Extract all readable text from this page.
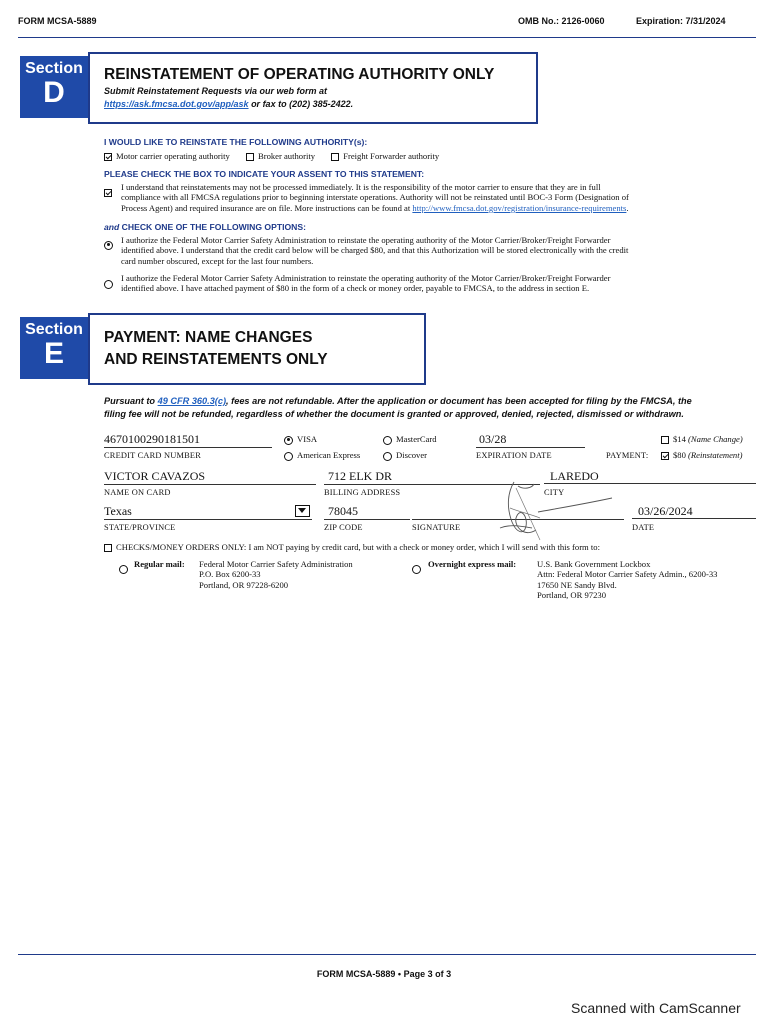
FORM MCSA-5889	OMB No.: 2126-0060	Expiration: 7/31/2024
Section
D
REINSTATEMENT OF OPERATING AUTHORITY ONLY
Submit Reinstatement Requests via our web form at
https://ask.fmcsa.dot.gov/app/ask or fax to (202) 385-2422.
I WOULD LIKE TO REINSTATE THE FOLLOWING AUTHORITY(s):
Motor carrier operating authority	Broker authority	Freight Forwarder authority
PLEASE CHECK THE BOX TO INDICATE YOUR ASSENT TO THIS STATEMENT:
I understand that reinstatements may not be processed immediately. It is the responsibility of the motor carrier to ensure that they are in full
compliance with all FMCSA regulations prior to beginning interstate operations. Authority will not be reinstated until BOC-3 Form (Designation of
Process Agent) and required insurance are on file. More instructions can be found at http://www.fmcsa.dot.gov/registration/insurance-requirements.
and CHECK ONE OF THE FOLLOWING OPTIONS:
I authorize the Federal Motor Carrier Safety Administration to reinstate the operating authority of the Motor Carrier/Broker/Freight Forwarder
identified above. I understand that the credit card below will be charged $80, and that this Authorization will be stored electronically with the credit
card number obscured, except for the last four numbers.
I authorize the Federal Motor Carrier Safety Administration to reinstate the operating authority of the Motor Carrier/Broker/Freight Forwarder
identified above. I have attached payment of $80 in the form of a check or money order, payable to FMCSA, to the address in section E.
Section
E	PAYMENT: NAME CHANGES
AND REINSTATEMENTS ONLY
Pursuant to 49 CFR 360.3(c), fees are not refundable. After the application or document has been accepted for filing by the FMCSA, the
filing fee will not be refunded, regardless of whether the document is granted or approved, denied, rejected, dismissed or withdrawn.
4670100290181501
CREDIT CARD NUMBER
VISA	MasterCard
American Express	Discover
03/28
EXPIRATION DATE
$14 (Name Change)
PAYMENT:	$80 (Reinstatement)
VICTOR CAVAZOS
NAME ON CARD
712 ELK DR
BILLING ADDRESS
LAREDO
CITY
Texas
STATE/PROVINCE
78045
ZIP CODE	SIGNATURE
03/26/2024
DATE
CHECKS/MONEY ORDERS ONLY: I am NOT paying by credit card, but with a check or money order, which I will send with this form to:
Regular mail: Federal Motor Carrier Safety Administration
P.O. Box 6200-33
Portland, OR 97228-6200
Overnight express mail: U.S. Bank Government Lockbox
Attn: Federal Motor Carrier Safety Admin., 6200-33
17650 NE Sandy Blvd.
Portland, OR 97230
FORM MCSA-5889 • Page 3 of 3
Scanned with CamScanner
